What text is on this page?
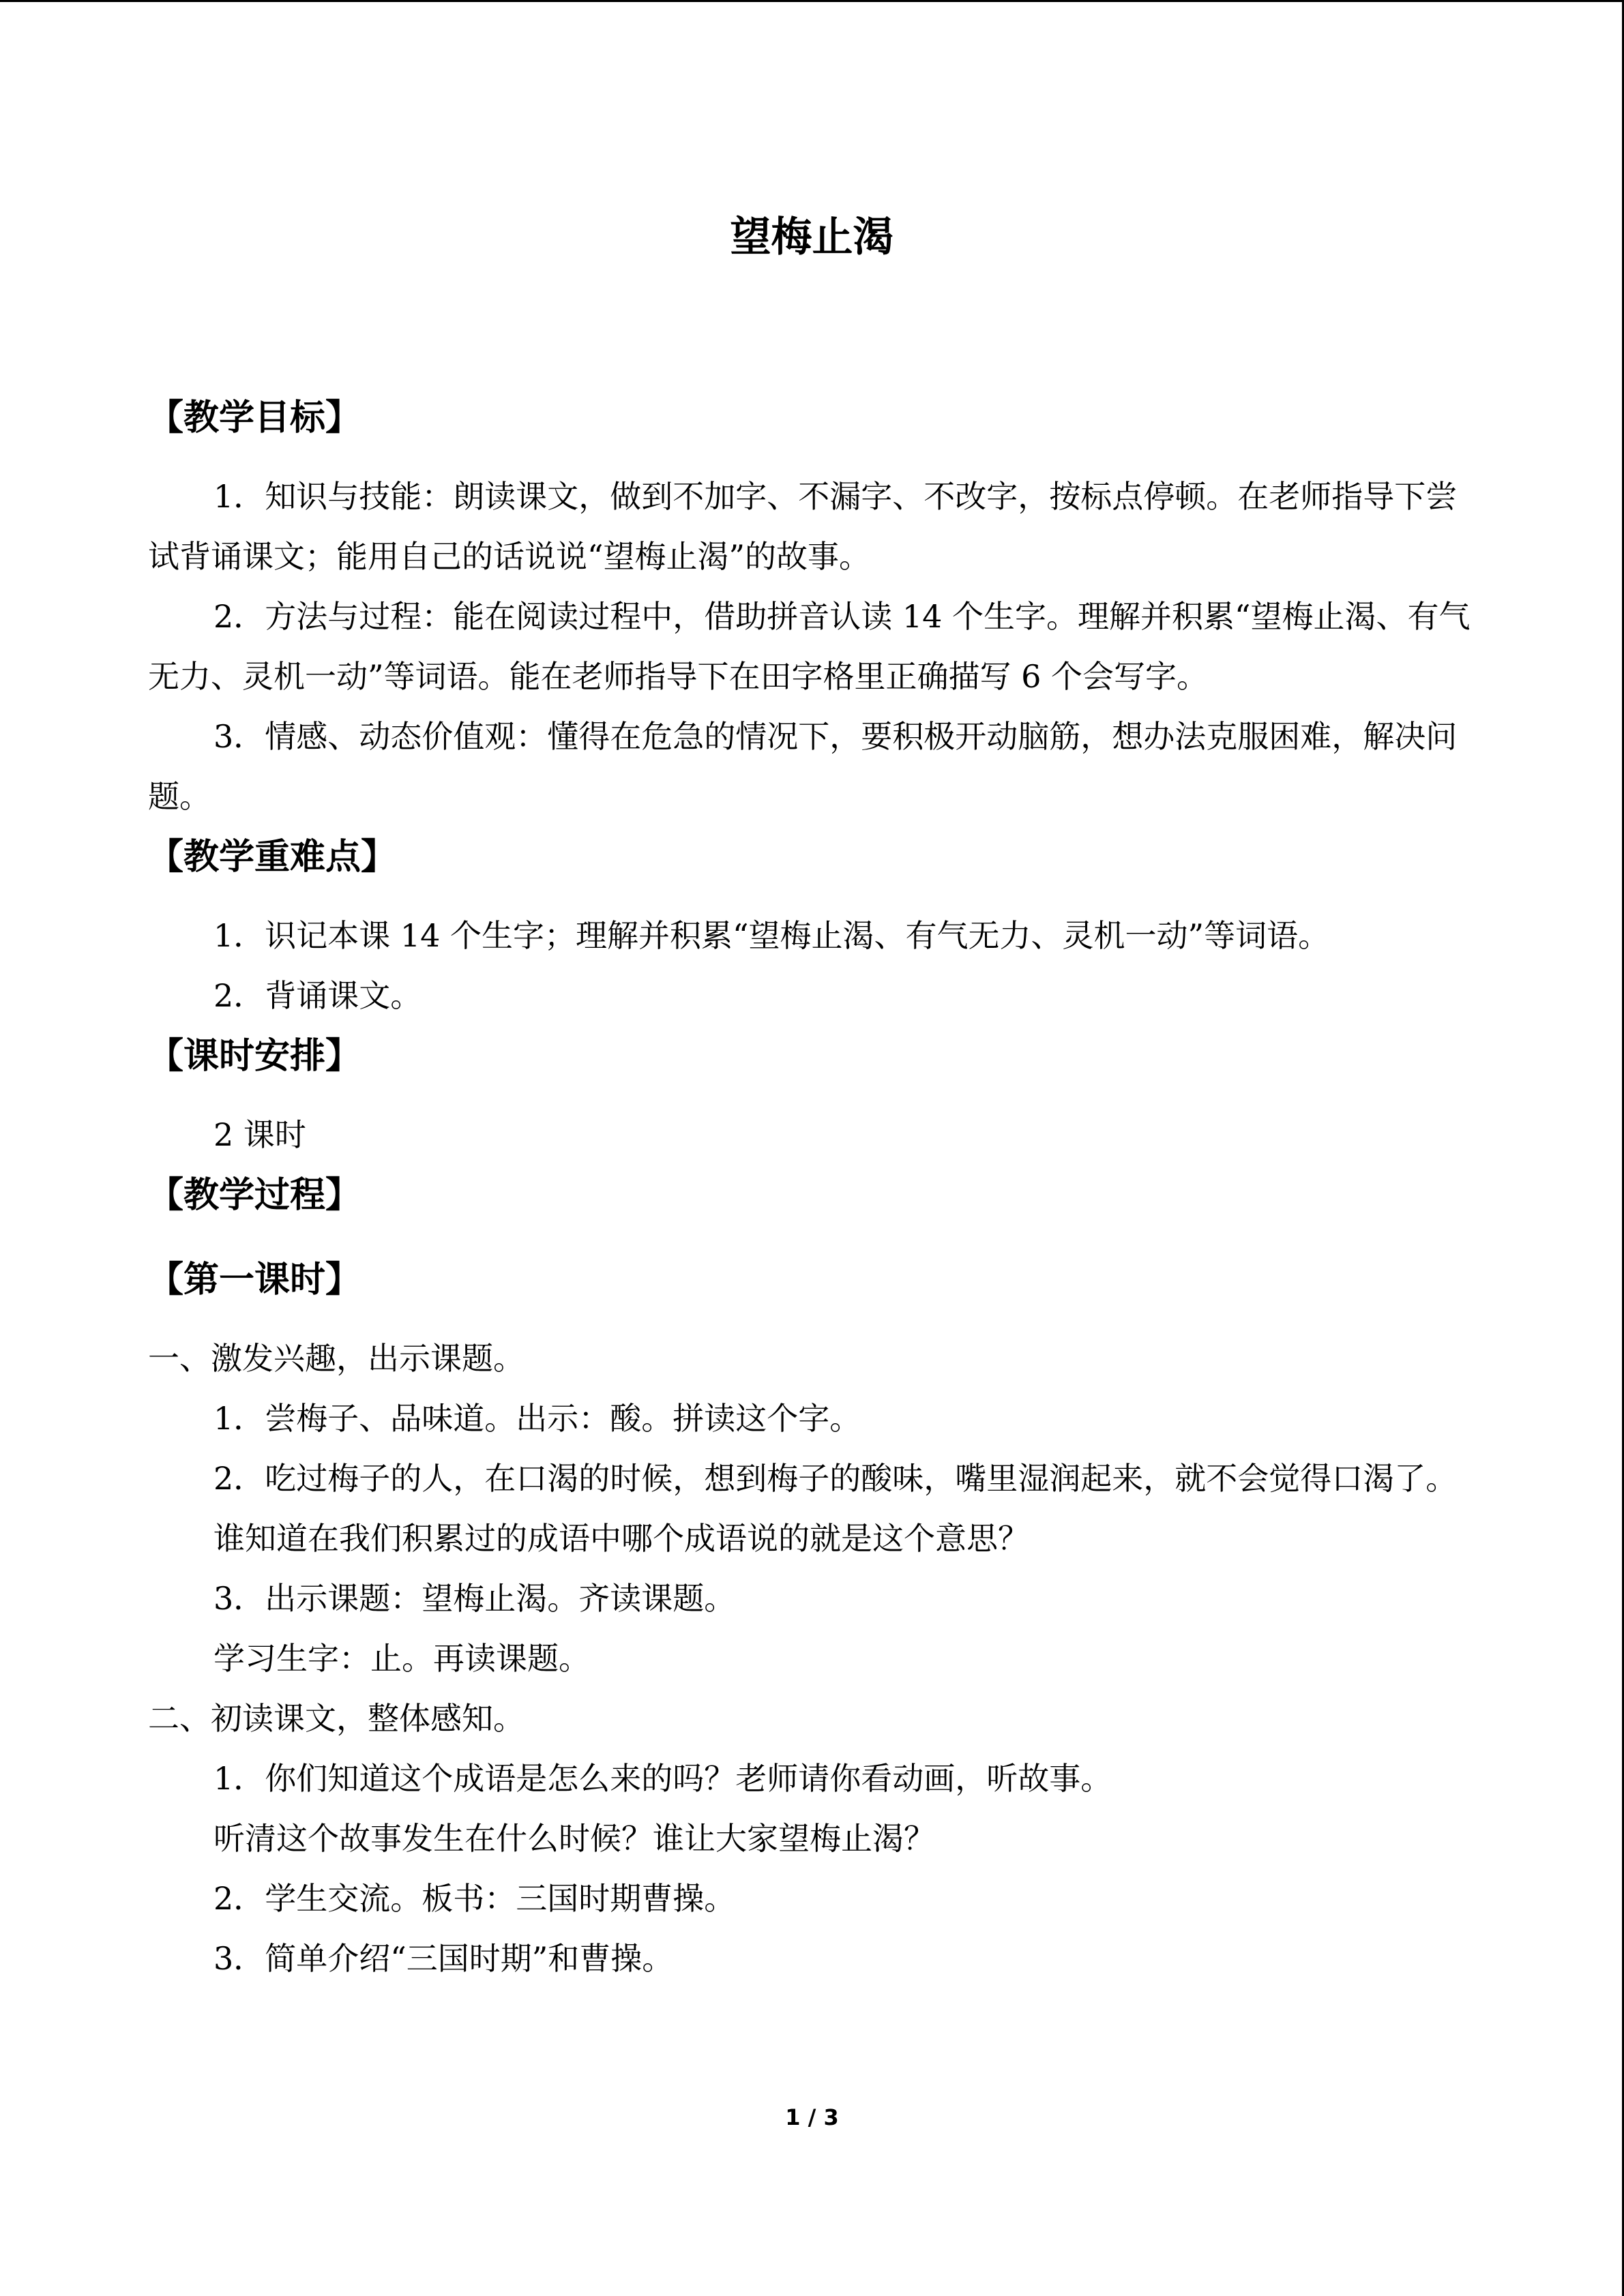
望梅止渴
【教学目标】
1．知识与技能：朗读课文，做到不加字、不漏字、不改字，按标点停顿。在老师指导下尝试背诵课文；能用自己的话说说“望梅止渴”的故事。
2．方法与过程：能在阅读过程中，借助拼音认读 14 个生字。理解并积累“望梅止渴、有气无力、灵机一动”等词语。能在老师指导下在田字格里正确描写 6 个会写字。
3．情感、动态价值观：懂得在危急的情况下，要积极开动脑筋，想办法克服困难，解决问题。
【教学重难点】
1．识记本课 14 个生字；理解并积累“望梅止渴、有气无力、灵机一动”等词语。
2．背诵课文。
【课时安排】
2 课时
【教学过程】
【第一课时】
一、激发兴趣，出示课题。
1．尝梅子、品味道。出示：酸。拼读这个字。
2．吃过梅子的人，在口渴的时候，想到梅子的酸味，嘴里湿润起来，就不会觉得口渴了。
谁知道在我们积累过的成语中哪个成语说的就是这个意思？
3．出示课题：望梅止渴。齐读课题。
学习生字：止。再读课题。
二、初读课文，整体感知。
1．你们知道这个成语是怎么来的吗？老师请你看动画，听故事。
听清这个故事发生在什么时候？谁让大家望梅止渴？
2．学生交流。板书：三国时期曹操。
3．简单介绍“三国时期”和曹操。
1 / 3
